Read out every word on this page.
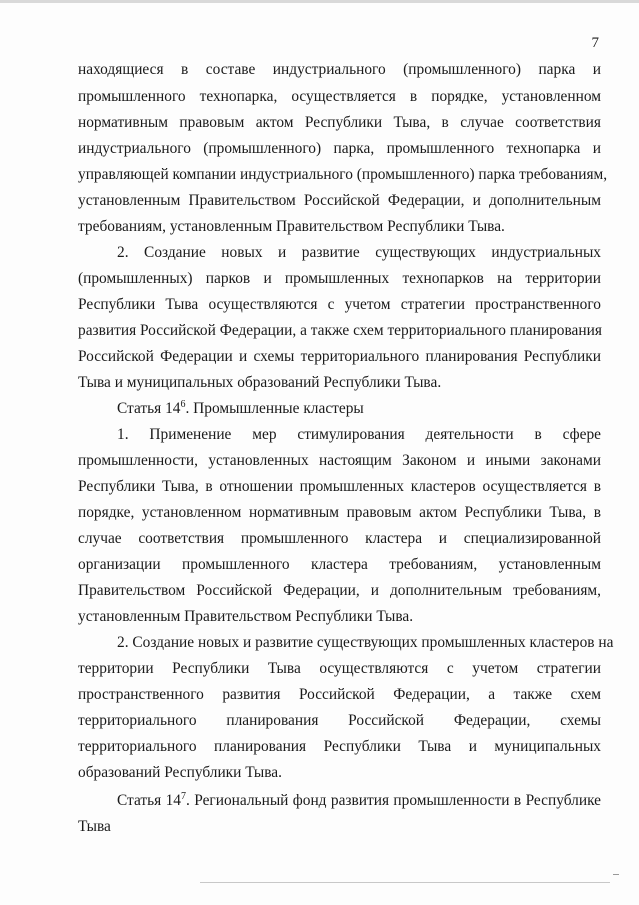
7
находящиеся в составе индустриального (промышленного) парка и
промышленного технопарка, осуществляется в порядке, установленном
нормативным правовым актом Республики Тыва, в случае соответствия
индустриального (промышленного) парка, промышленного технопарка и
управляющей компании индустриального (промышленного) парка требованиям,
установленным Правительством Российской Федерации, и дополнительным
требованиям, установленным Правительством Республики Тыва.
2. Создание новых и развитие существующих индустриальных
(промышленных) парков и промышленных технопарков на территории
Республики Тыва осуществляются с учетом стратегии пространственного
развития Российской Федерации, а также схем территориального планирования
Российской Федерации и схемы территориального планирования Республики
Тыва и муниципальных образований Республики Тыва.
Статья $14^6$. Промышленные кластеры
1. Применение мер стимулирования деятельности в сфере
промышленности, установленных настоящим Законом и иными законами
Республики Тыва, в отношении промышленных кластеров осуществляется в
порядке, установленном нормативным правовым актом Республики Тыва, в
случае соответствия промышленного кластера и специализированной
организации промышленного кластера требованиям, установленным
Правительством Российской Федерации, и дополнительным требованиям,
установленным Правительством Республики Тыва.
2. Создание новых и развитие существующих промышленных кластеров на
территории Республики Тыва осуществляются с учетом стратегии
пространственного развития Российской Федерации, а также схем
территориального планирования Российской Федерации, схемы
территориального планирования Республики Тыва и муниципальных
образований Республики Тыва.
Статья $14^7$. Региональный фонд развития промышленности в Республике
Тыва
